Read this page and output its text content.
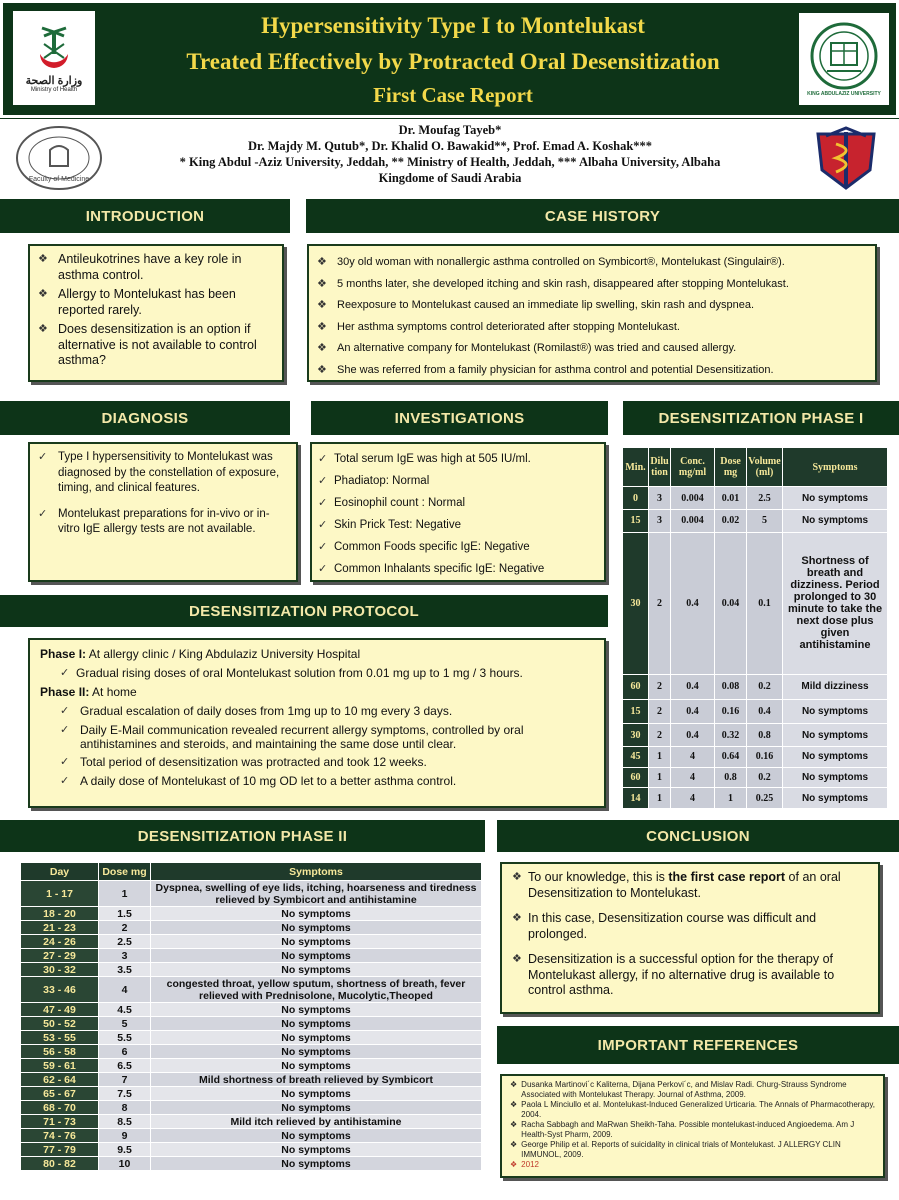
وزارة الصحة
Ministry of Health
Hypersensitivity Type I to Montelukast
Treated Effectively by Protracted Oral Desensitization
First Case Report	KING ABDULAZIZ UNIVERSITY
Faculty of Medicine
Dr. Moufag Tayeb*
Dr. Majdy M. Qutub*, Dr. Khalid O. Bawakid**, Prof. Emad A. Koshak***
* King Abdul -Aziz University, Jeddah, ** Ministry of Health, Jeddah, *** Albaha University, Albaha
Kingdome of Saudi Arabia
INTRODUCTION
❖ Antileukotrines have a key role in asthma control.
❖ Allergy to Montelukast has been reported rarely.
❖ Does desensitization is an option if alternative is not available to control asthma?
CASE HISTORY
❖ 30y old woman with nonallergic asthma controlled on Symbicort®, Montelukast (Singulair®).
❖ 5 months later, she developed itching and skin rash, disappeared after stopping Montelukast.
❖ Reexposure to Montelukast caused an immediate lip swelling, skin rash and dyspnea.
❖ Her asthma symptoms control deteriorated after stopping Montelukast.
❖ An alternative company for Montelukast (Romilast®) was tried and caused allergy.
❖ She was referred from a family physician for asthma control and potential Desensitization.
DIAGNOSIS
✓ Type I hypersensitivity to Montelukast was diagnosed by the constellation of exposure, timing, and clinical features.
✓ Montelukast preparations for in-vivo or in-vitro IgE allergy tests are not available.
INVESTIGATIONS
✓ Total serum IgE was high at 505 IU/ml.
✓ Phadiatop: Normal
✓ Eosinophil count : Normal
✓ Skin Prick Test: Negative
✓ Common Foods specific IgE: Negative
✓ Common Inhalants specific IgE: Negative
DESENSITIZATION PHASE I
Min.	Dilu tion	Conc. mg/ml	Dose mg	Volume (ml)	Symptoms
0	3	0.004	0.01	2.5	No symptoms
15	3	0.004	0.02	5	No symptoms
30	2	0.4	0.04	0.1	Shortness of breath and dizziness. Period prolonged to 30 minute to take the next dose plus given antihistamine
60	2	0.4	0.08	0.2	Mild dizziness
15	2	0.4	0.16	0.4	No symptoms
30	2	0.4	0.32	0.8	No symptoms
45	1	4	0.64	0.16	No symptoms
60	1	4	0.8	0.2	No symptoms
14	1	4	1	0.25	No symptoms
DESENSITIZATION PROTOCOL
Phase I: At allergy clinic / King Abdulaziz University Hospital
✓ Gradual rising doses of oral Montelukast solution from 0.01 mg up to 1 mg / 3 hours.
Phase II: At home
✓ Gradual escalation of daily doses from 1mg up to 10 mg every 3 days.
✓ Daily E-Mail communication revealed recurrent allergy symptoms, controlled by oral antihistamines and steroids, and maintaining the same dose until clear.
✓ Total period of desensitization was protracted and took 12 weeks.
✓ A daily dose of Montelukast of 10 mg OD let to a better asthma control.
DESENSITIZATION PHASE II
Day	Dose mg	Symptoms
1 - 17	1	Dyspnea, swelling of eye lids, itching, hoarseness and tiredness relieved by Symbicort and antihistamine
18 - 20	1.5	No symptoms
21 - 23	2	No symptoms
24 - 26	2.5	No symptoms
27 - 29	3	No symptoms
30 - 32	3.5	No symptoms
33 - 46	4	congested throat, yellow sputum, shortness of breath, fever relieved with Prednisolone, Mucolytic,Theoped
47 - 49	4.5	No symptoms
50 - 52	5	No symptoms
53 - 55	5.5	No symptoms
56 - 58	6	No symptoms
59 - 61	6.5	No symptoms
62 - 64	7	Mild shortness of breath relieved by Symbicort
65 - 67	7.5	No symptoms
68 - 70	8	No symptoms
71 - 73	8.5	Mild itch relieved by antihistamine
74 - 76	9	No symptoms
77 - 79	9.5	No symptoms
80 - 82	10	No symptoms
CONCLUSION
❖ To our knowledge, this is the first case report of an oral Desensitization to Montelukast.
❖ In this case, Desensitization course was difficult and prolonged.
❖ Desensitization is a successful option for the therapy of Montelukast allergy, if no alternative drug is available to control asthma.
IMPORTANT REFERENCES
❖ Dusanka Martinovi´c Kaliterna, Dijana Perkovi´c, and Mislav Radi. Churg-Strauss Syndrome Associated with Montelukast Therapy. Journal of Asthma, 2009.
❖ Paola L Minciullo et al. Montelukast-Induced Generalized Urticaria. The Annals of Pharmacotherapy, 2004.
❖ Racha Sabbagh and MaRwan Sheikh-Taha. Possible montelukast-induced Angioedema. Am J Health-Syst Pharm, 2009.
❖ George Philip et al. Reports of suicidality in clinical trials of Montelukast. J ALLERGY CLIN IMMUNOL, 2009.
❖ 2012
